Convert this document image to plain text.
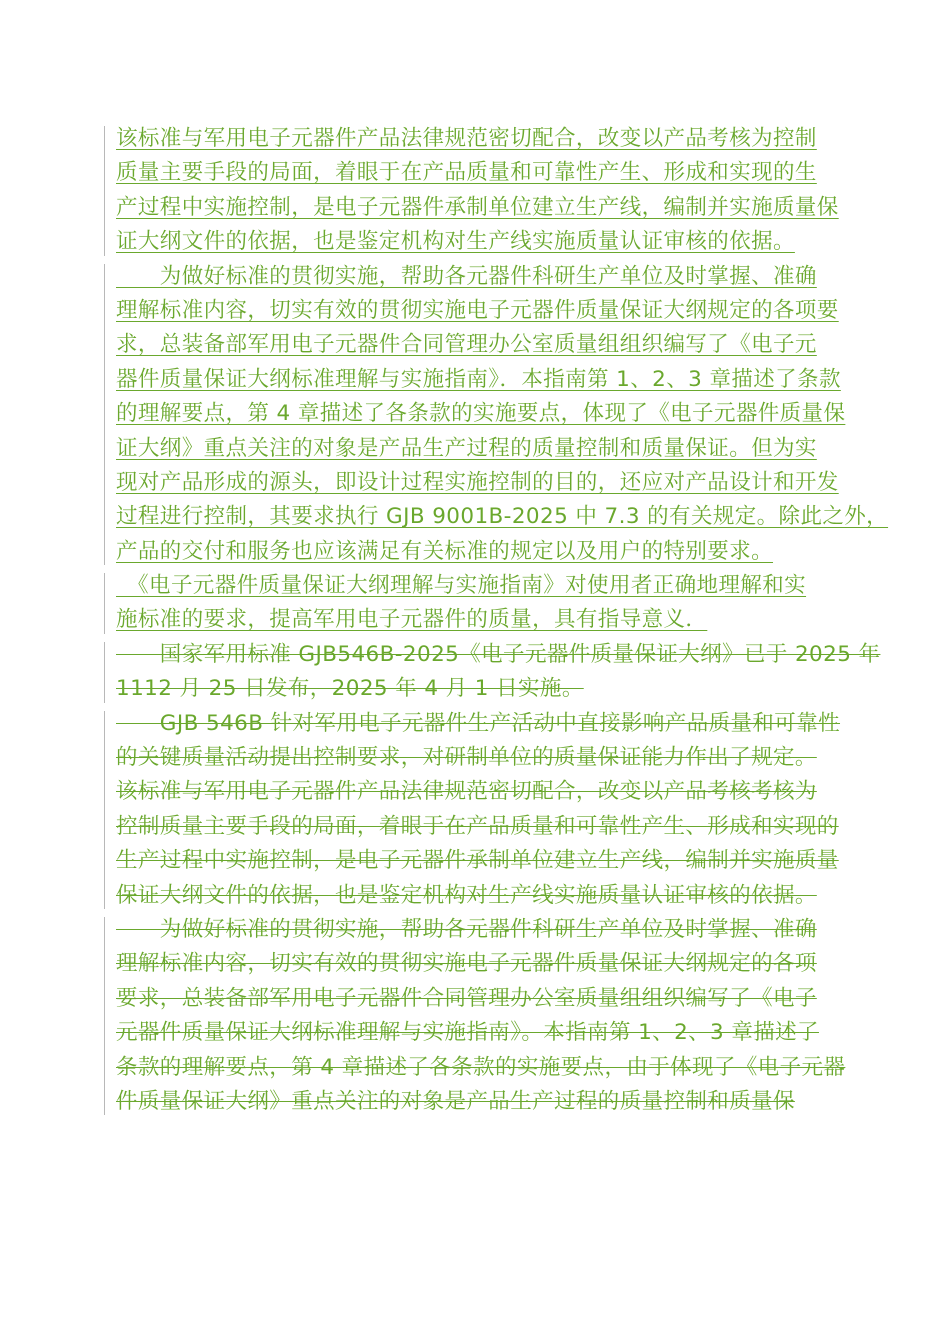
该标准与军用电子元器件产品法律规范密切配合，改变以产品考核为控制
质量主要手段的局面，着眼于在产品质量和可靠性产生、形成和实现的生
产过程中实施控制，是电子元器件承制单位建立生产线，编制并实施质量保
证大纲文件的依据，也是鉴定机构对生产线实施质量认证审核的依据。
　　为做好标准的贯彻实施，帮助各元器件科研生产单位及时掌握、准确
理解标准内容，切实有效的贯彻实施电子元器件质量保证大纲规定的各项要
求，总装备部军用电子元器件合同管理办公室质量组组织编写了《电子元
器件质量保证大纲标准理解与实施指南》．本指南第 1、2、3 章描述了条款
的理解要点，第 4 章描述了各条款的实施要点，体现了《电子元器件质量保
证大纲》重点关注的对象是产品生产过程的质量控制和质量保证。但为实
现对产品形成的源头，即设计过程实施控制的目的，还应对产品设计和开发
过程进行控制，其要求执行 GJB 9001B-2025 中 7.3 的有关规定。除此之外，
产品的交付和服务也应该满足有关标准的规定以及用户的特别要求。
　《电子元器件质量保证大纲理解与实施指南》对使用者正确地理解和实
施标准的要求，提高军用电子元器件的质量，具有指导意义．
　　国家军用标准 GJB546B-2025《电子元器件质量保证大纲》已于 2025 年
1112 月 25 日发布，2025 年 4 月 1 日实施。
　　GJB 546B 针对军用电子元器件生产活动中直接影响产品质量和可靠性
的关键质量活动提出控制要求，对研制单位的质量保证能力作出了规定。
该标准与军用电子元器件产品法律规范密切配合，改变以产品考核考核为
控制质量主要手段的局面，着眼于在产品质量和可靠性产生、形成和实现的
生产过程中实施控制，是电子元器件承制单位建立生产线，编制并实施质量
保证大纲文件的依据，也是鉴定机构对生产线实施质量认证审核的依据。
　　为做好标准的贯彻实施，帮助各元器件科研生产单位及时掌握、准确
理解标准内容，切实有效的贯彻实施电子元器件质量保证大纲规定的各项
要求，总装备部军用电子元器件合同管理办公室质量组组织编写了《电子
元器件质量保证大纲标准理解与实施指南》。本指南第 1、2、3 章描述了
条款的理解要点，第 4 章描述了各条款的实施要点，由于体现了《电子元器
件质量保证大纲》重点关注的对象是产品生产过程的质量控制和质量保
